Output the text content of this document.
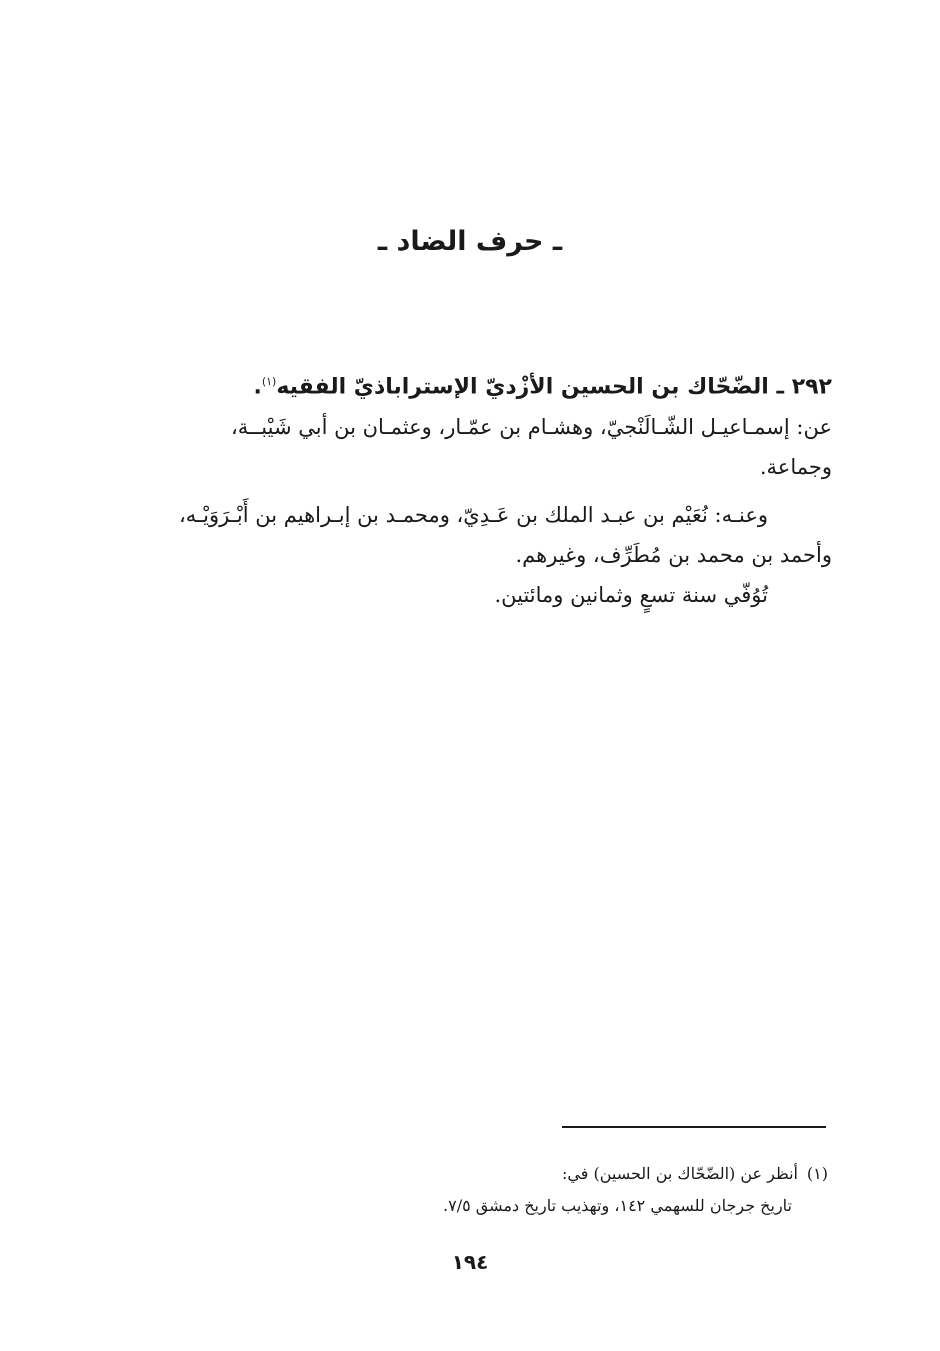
ـ حرف الضاد ـ

٢٩٢ ـ الضّحّاك بن الحسين الأزْديّ الإستراباذيّ الفقيه$^{(١)}$.

عن: إسمـاعيـل الشّـالَنْجيّ، وهشـام بن عمّـار، وعثمـان بن أبي شَيْبــة،

وجماعة.

وعنـه: نُعَيْم بن عبـد الملك بن عَـدِيّ، ومحمـد بن إبـراهيم بن أَبْـرَوَيْـه،

وأحمد بن محمد بن مُطَرِّف، وغيرهم.

تُوُفّي سنة تسعٍ وثمانين ومائتين.

(١)أنظر عن (الضّحّاك بن الحسين) في:

تاريخ جرجان للسهمي ١٤٢، وتهذيب تاريخ دمشق ٧/٥.

١٩٤
